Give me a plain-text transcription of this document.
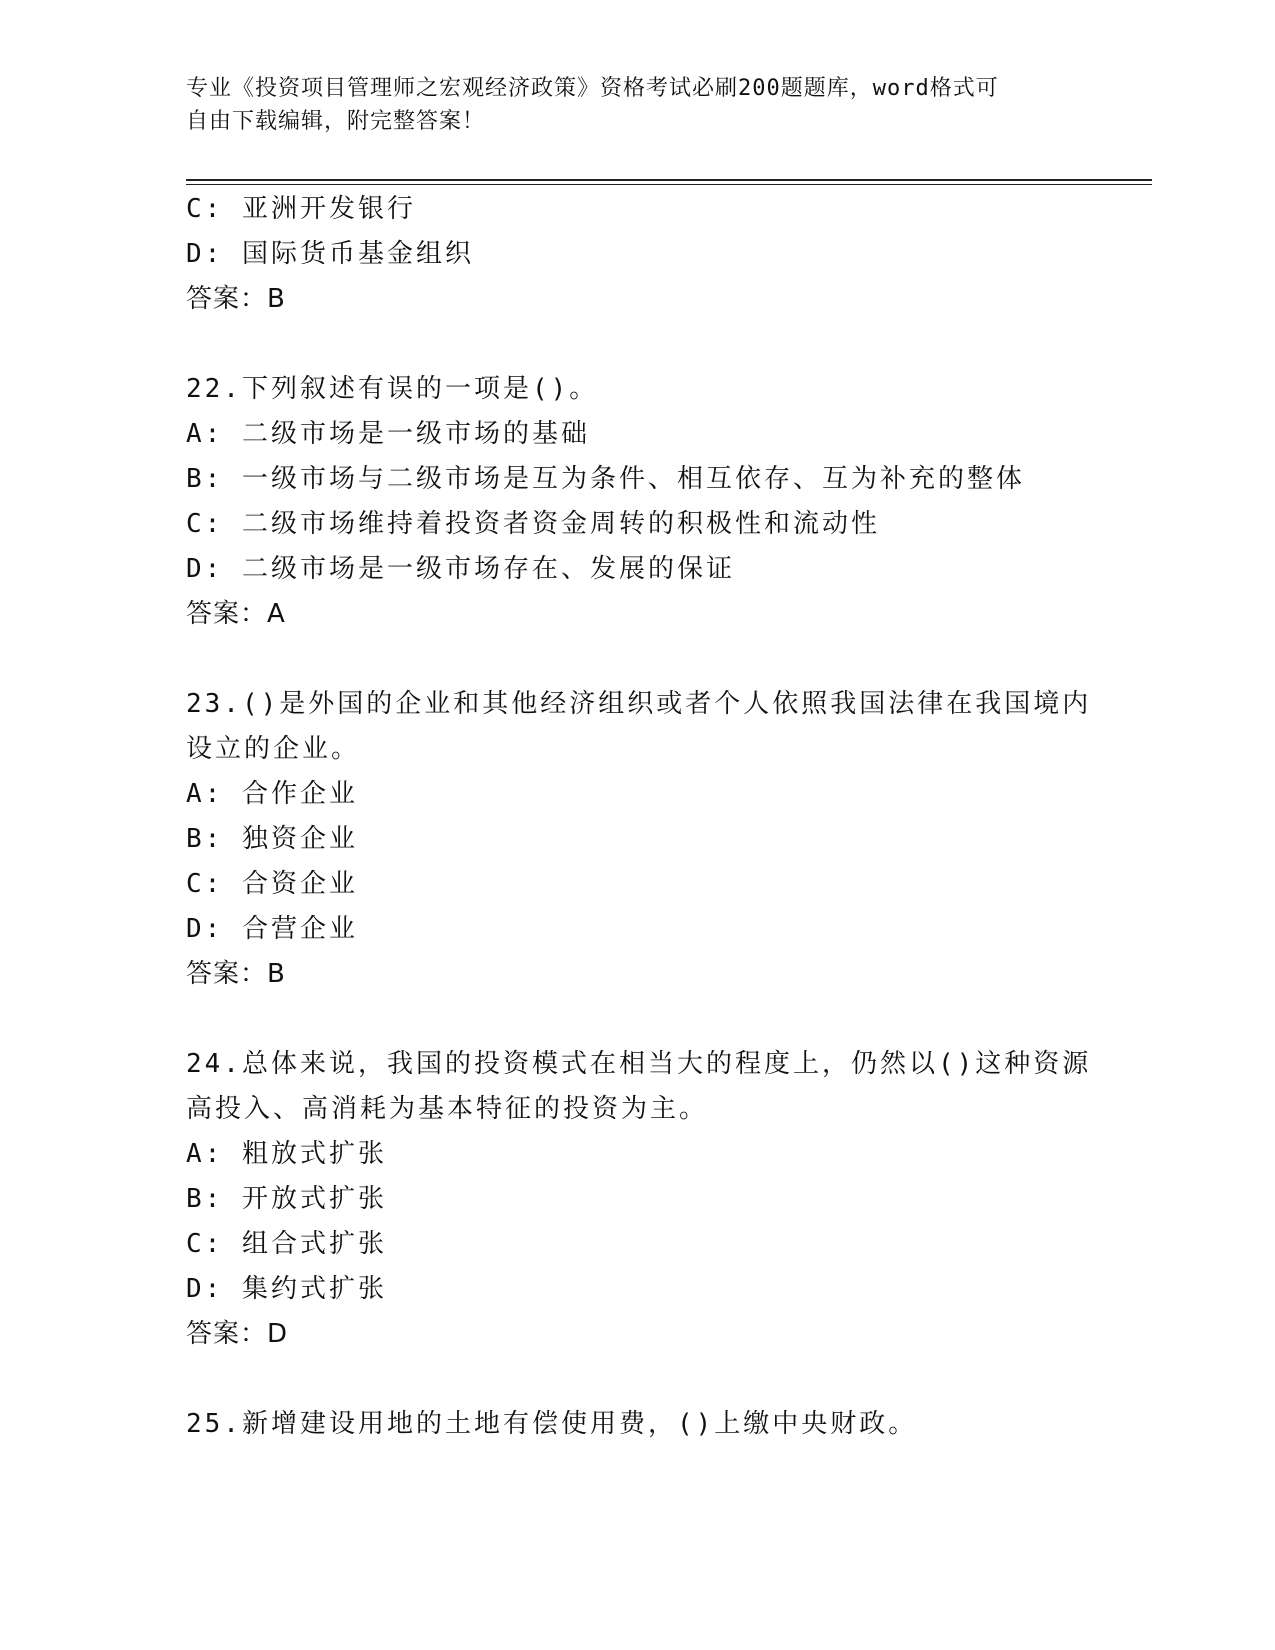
专业《投资项目管理师之宏观经济政策》资格考试必刷200题题库，word格式可
自由下载编辑，附完整答案！
C: 亚洲开发银行
D: 国际货币基金组织
答案：B
22.下列叙述有误的一项是()。
A: 二级市场是一级市场的基础
B: 一级市场与二级市场是互为条件、相互依存、互为补充的整体
C: 二级市场维持着投资者资金周转的积极性和流动性
D: 二级市场是一级市场存在、发展的保证
答案：A
23.()是外国的企业和其他经济组织或者个人依照我国法律在我国境内
设立的企业。
A: 合作企业
B: 独资企业
C: 合资企业
D: 合营企业
答案：B
24.总体来说，我国的投资模式在相当大的程度上，仍然以()这种资源
高投入、高消耗为基本特征的投资为主。
A: 粗放式扩张
B: 开放式扩张
C: 组合式扩张
D: 集约式扩张
答案：D
25.新增建设用地的土地有偿使用费，()上缴中央财政。
